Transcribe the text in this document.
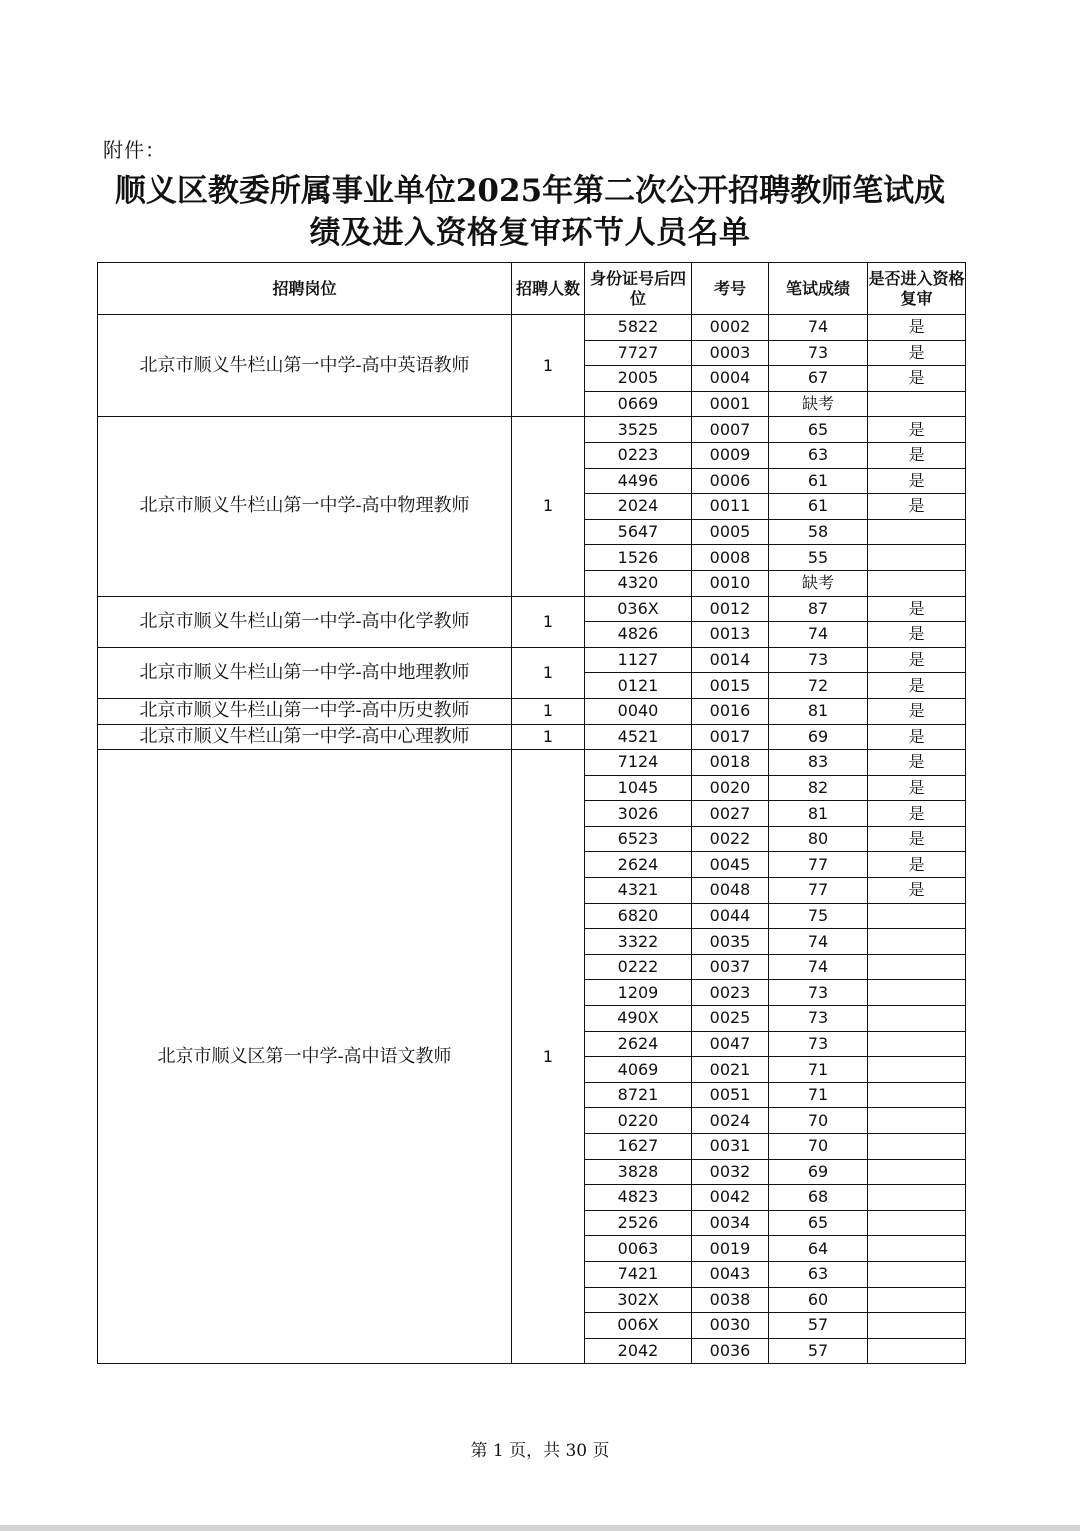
附件：
顺义区教委所属事业单位2025年第二次公开招聘教师笔试成
绩及进入资格复审环节人员名单
招聘岗位	招聘人数	身份证号后四位	考号	笔试成绩	是否进入资格复审

北京市顺义牛栏山第一中学-高中英语教师	1	5822	0002	74	是
		7727	0003	73	是
		2005	0004	67	是
		0669	0001	缺考	
北京市顺义牛栏山第一中学-高中物理教师	1	3525	0007	65	是
		0223	0009	63	是
		4496	0006	61	是
		2024	0011	61	是
		5647	0005	58	
		1526	0008	55	
		4320	0010	缺考	
北京市顺义牛栏山第一中学-高中化学教师	1	036X	0012	87	是
		4826	0013	74	是
北京市顺义牛栏山第一中学-高中地理教师	1	1127	0014	73	是
		0121	0015	72	是
北京市顺义牛栏山第一中学-高中历史教师	1	0040	0016	81	是
北京市顺义牛栏山第一中学-高中心理教师	1	4521	0017	69	是
北京市顺义区第一中学-高中语文教师	1	7124	0018	83	是
		1045	0020	82	是
		3026	0027	81	是
		6523	0022	80	是
		2624	0045	77	是
		4321	0048	77	是
		6820	0044	75	
		3322	0035	74	
		0222	0037	74	
		1209	0023	73	
		490X	0025	73	
		2624	0047	73	
		4069	0021	71	
		8721	0051	71	
		0220	0024	70	
		1627	0031	70	
		3828	0032	69	
		4823	0042	68	
		2526	0034	65	
		0063	0019	64	
		7421	0043	63	
		302X	0038	60	
		006X	0030	57	
		2042	0036	57	
第 1 页，共 30 页
